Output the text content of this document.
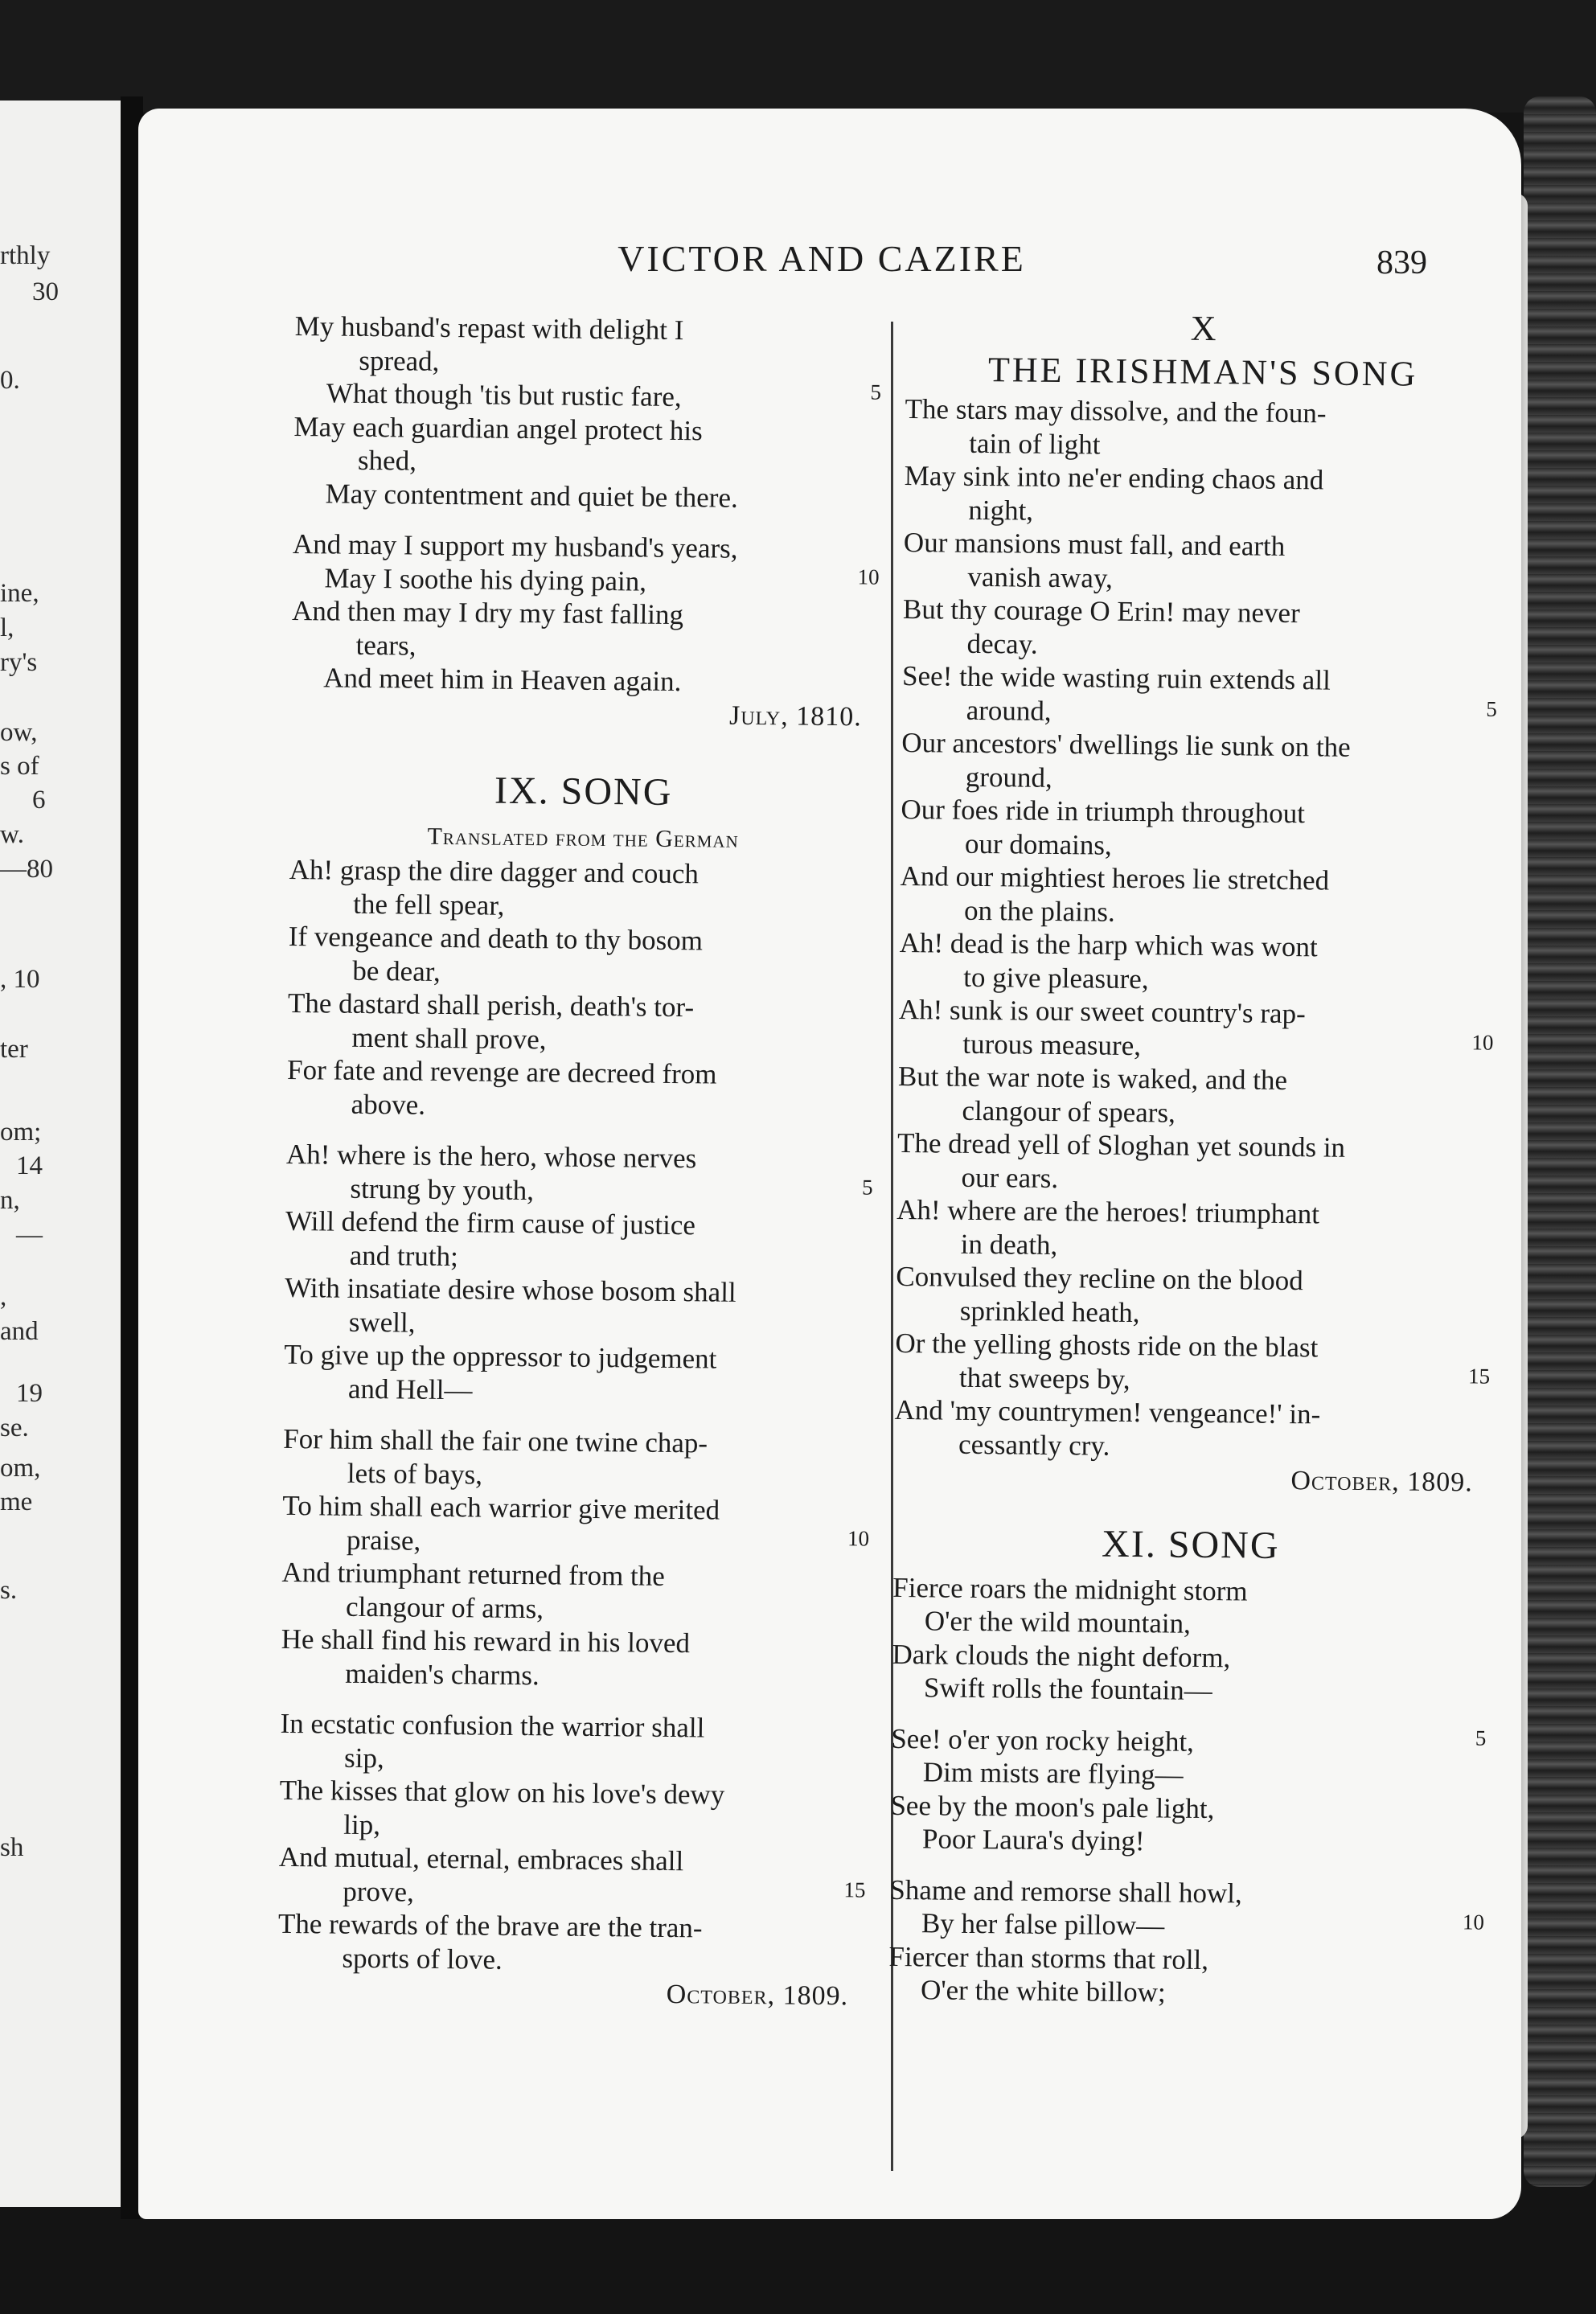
rthly
30
0.
ine,
l,
ry's
ow,
s of
6
w.
—80
, 10
ter
om;
14
n,
—
,
and
19
se.
om,
me
s.
sh
VICTOR AND CAZIRE	839
My husband's repast with delight I
spread,
What though 'tis but rustic fare,	5
May each guardian angel protect his
shed,
May contentment and quiet be there.
And may I support my husband's years,
May I soothe his dying pain,	10
And then may I dry my fast falling
tears,
And meet him in Heaven again.
July, 1810.
IX. SONG
Translated from the German
Ah! grasp the dire dagger and couch
the fell spear,
If vengeance and death to thy bosom
be dear,
The dastard shall perish, death's tor-
ment shall prove,
For fate and revenge are decreed from
above.
Ah! where is the hero, whose nerves
strung by youth,	5
Will defend the firm cause of justice
and truth;
With insatiate desire whose bosom shall
swell,
To give up the oppressor to judgement
and Hell—
For him shall the fair one twine chap-
lets of bays,
To him shall each warrior give merited
praise,	10
And triumphant returned from the
clangour of arms,
He shall find his reward in his loved
maiden's charms.
In ecstatic confusion the warrior shall
sip,
The kisses that glow on his love's dewy
lip,
And mutual, eternal, embraces shall
prove,	15
The rewards of the brave are the tran-
sports of love.
October, 1809.
X
THE IRISHMAN'S SONG
The stars may dissolve, and the foun-
tain of light
May sink into ne'er ending chaos and
night,
Our mansions must fall, and earth
vanish away,
But thy courage O Erin! may never
decay.
See! the wide wasting ruin extends all
around,	5
Our ancestors' dwellings lie sunk on the
ground,
Our foes ride in triumph throughout
our domains,
And our mightiest heroes lie stretched
on the plains.
Ah! dead is the harp which was wont
to give pleasure,
Ah! sunk is our sweet country's rap-
turous measure,	10
But the war note is waked, and the
clangour of spears,
The dread yell of Sloghan yet sounds in
our ears.
Ah! where are the heroes! triumphant
in death,
Convulsed they recline on the blood
sprinkled heath,
Or the yelling ghosts ride on the blast
that sweeps by,	15
And 'my countrymen! vengeance!' in-
cessantly cry.
October, 1809.
XI. SONG
Fierce roars the midnight storm
O'er the wild mountain,
Dark clouds the night deform,
Swift rolls the fountain—
See! o'er yon rocky height,	5
Dim mists are flying—
See by the moon's pale light,
Poor Laura's dying!
Shame and remorse shall howl,
By her false pillow—	10
Fiercer than storms that roll,
O'er the white billow;
